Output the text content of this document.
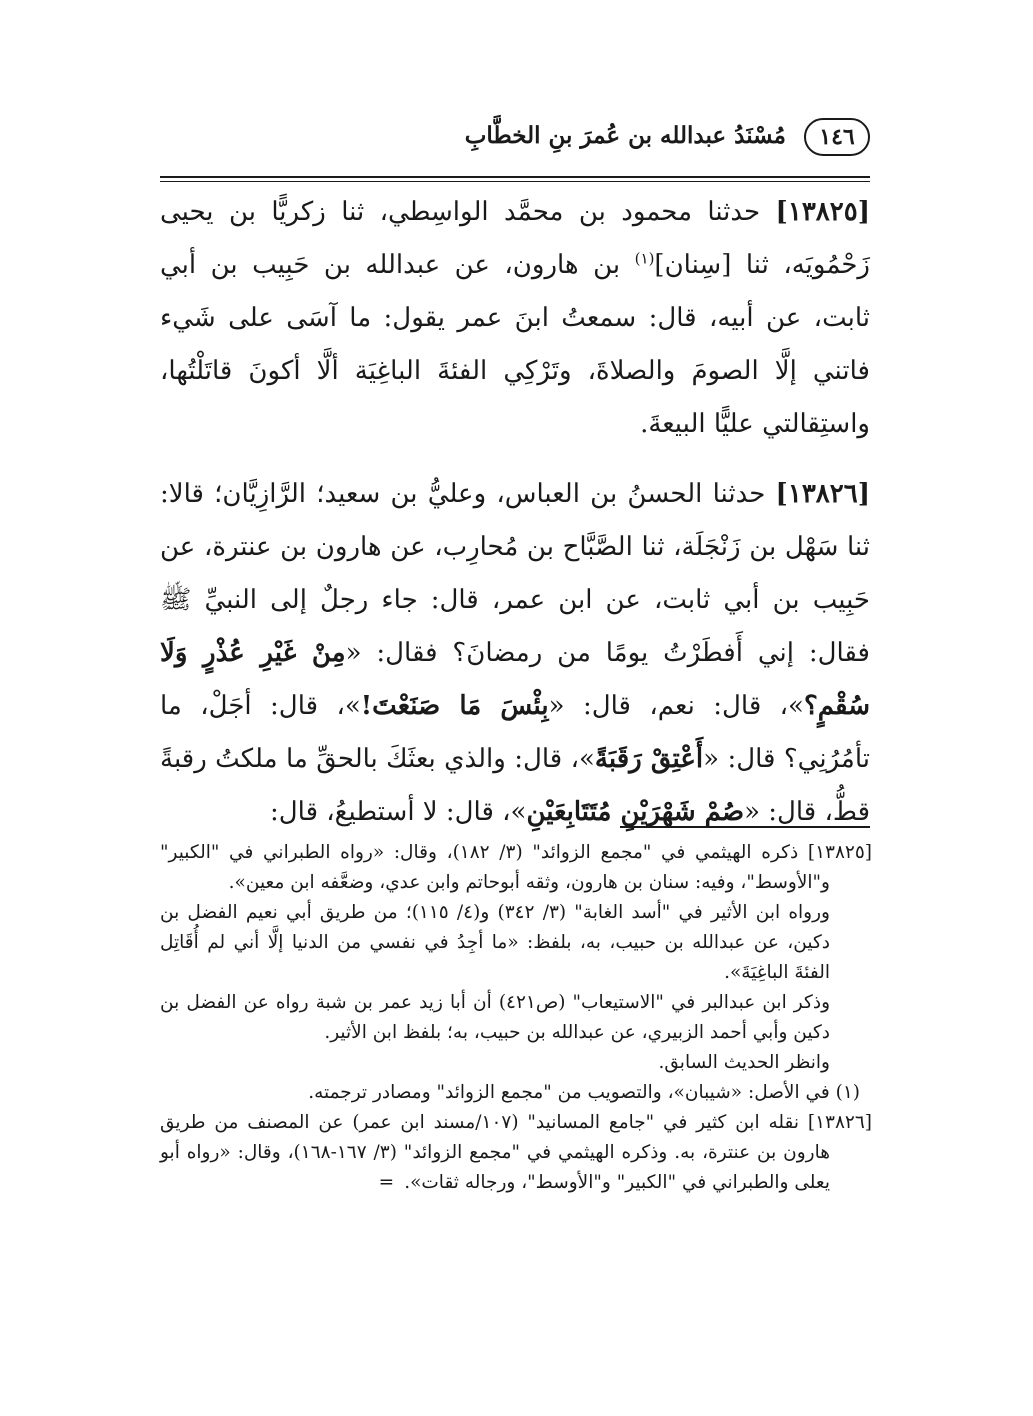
١٤٦
مُسْنَدُ عبدالله بن عُمرَ بنِ الخطَّابِ
[١٣٨٢٥] حدثنا محمود بن محمَّد الواسِطي، ثنا زكريًّا بن يحيى زَحْمُويَه، ثنا [سِنان]$^{(١)}$ بن هارون، عن عبدالله بن حَبِيب بن أبي ثابت، عن أبيه، قال: سمعتُ ابنَ عمر يقول: ما آسَى على شَيء فاتني إلَّا الصومَ والصلاةَ، وتَرْكِي الفئةَ الباغِيَة ألَّا أكونَ قاتَلْتُها، واستِقالتي عليًّا البيعةَ.
[١٣٨٢٦] حدثنا الحسنُ بن العباس، وعليُّ بن سعيد؛ الرَّازِيَّان؛ قالا: ثنا سَهْل بن زَنْجَلَة، ثنا الصَّبَّاح بن مُحارِب، عن هارون بن عنترة، عن حَبِيب بن أبي ثابت، عن ابن عمر، قال: جاء رجلٌ إلى النبيِّ ﷺ فقال: إني أَفطَرْتُ يومًا من رمضانَ؟ فقال: «مِنْ غَيْرِ عُذْرٍ وَلَا سُقْمٍ؟»، قال: نعم، قال: «بِئْسَ مَا صَنَعْتَ!»، قال: أجَلْ، ما تأمُرُنِي؟ قال: «أَعْتِقْ رَقَبَةً»، قال: والذي بعثَكَ بالحقِّ ما ملكتُ رقبةً قطُّ، قال: «صُمْ شَهْرَيْنِ مُتَتَابِعَيْنِ»، قال: لا أستطيعُ، قال:

[١٣٨٢٥] ذكره الهيثمي في "مجمع الزوائد" (٣/ ١٨٢)، وقال: «رواه الطبراني في "الكبير" و"الأوسط"، وفيه: سنان بن هارون، وثقه أبوحاتم وابن عدي، وضعَّفه ابن معين».

ورواه ابن الأثير في "أسد الغابة" (٣/ ٣٤٢) و(٤/ ١١٥)؛ من طريق أبي نعيم الفضل بن دكين، عن عبدالله بن حبيب، به، بلفظ: «ما أجِدُ في نفسي من الدنيا إلَّا أني لم أُقَاتِل الفئةَ الباغِيَةَ».

وذكر ابن عبدالبر في "الاستيعاب" (ص٤٢١) أن أبا زيد عمر بن شبة رواه عن الفضل بن دكين وأبي أحمد الزبيري، عن عبدالله بن حبيب، به؛ بلفظ ابن الأثير.

وانظر الحديث السابق.

(١) في الأصل: «شيبان»، والتصويب من "مجمع الزوائد" ومصادر ترجمته.

[١٣٨٢٦] نقله ابن كثير في "جامع المسانيد" (١٠٧/مسند ابن عمر) عن المصنف من طريق هارون بن عنترة، به. وذكره الهيثمي في "مجمع الزوائد" (٣/ ١٦٧-١٦٨)، وقال: «رواه أبو يعلى والطبراني في "الكبير" و"الأوسط"، ورجاله ثقات».=
